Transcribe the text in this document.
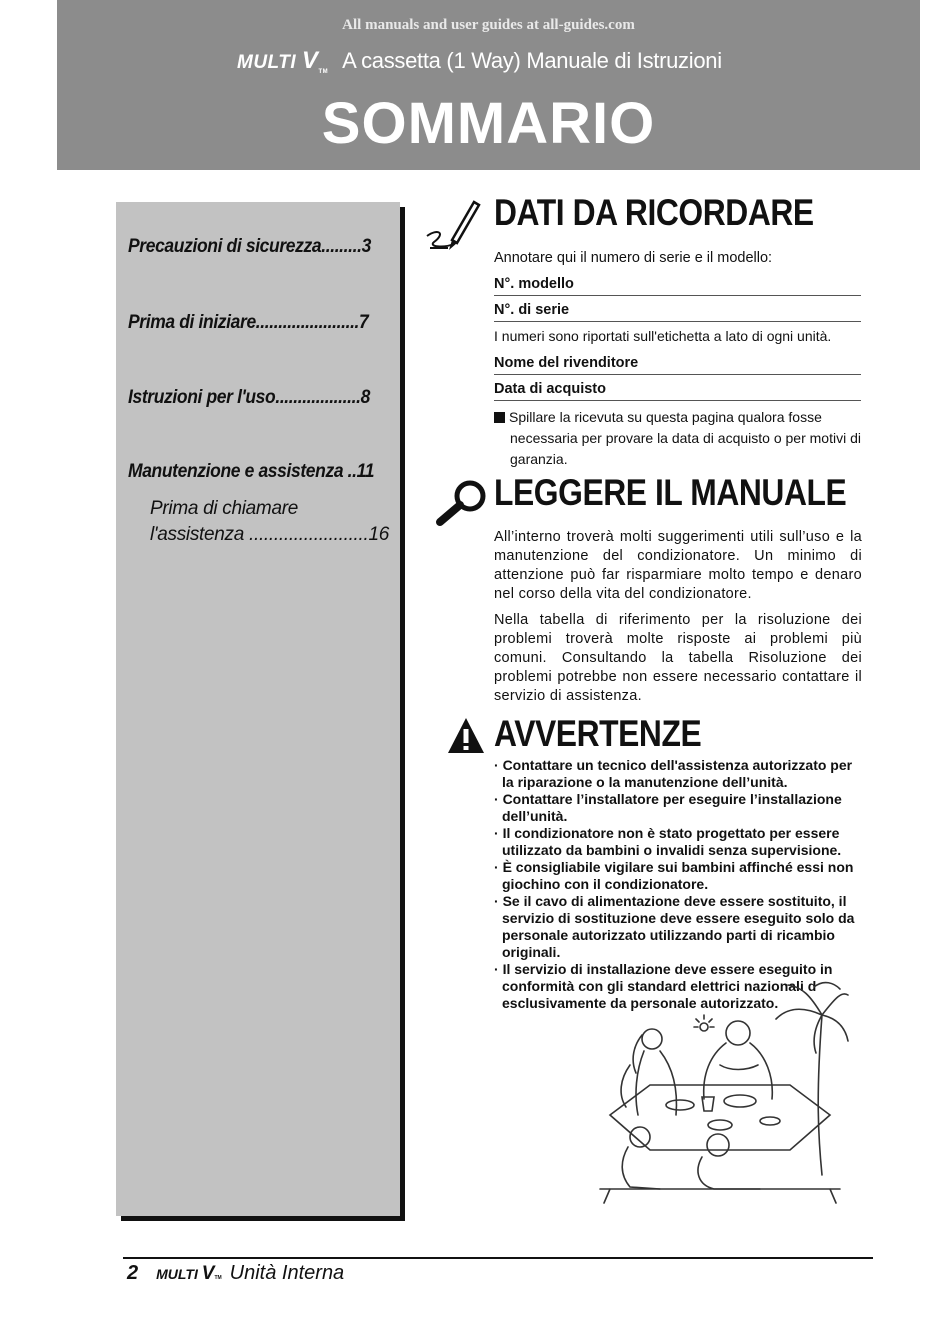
All manuals and user guides at all-guides.com
MULTI VTM A cassetta (1 Way) Manuale di Istruzioni
SOMMARIO
Precauzioni di sicurezza.........3
Prima di iniziare.......................7
Istruzioni per l'uso...................8
Manutenzione e assistenza ..11
Prima di chiamare
l'assistenza ........................16
DATI DA RICORDARE
Annotare qui il numero di serie e il modello:
N°. modello
N°. di serie
I numeri sono riportati sull'etichetta a lato di ogni unità.
Nome del rivenditore
Data di acquisto
Spillare la ricevuta su questa pagina qualora fosse
necessaria per provare la data di acquisto o per motivi di
garanzia.
LEGGERE IL MANUALE
All’interno troverà molti suggerimenti utili sull’uso e la manutenzione del condizionatore. Un minimo di attenzione può far risparmiare molto tempo e denaro nel corso della vita del condizionatore.
Nella tabella di riferimento per la risoluzione dei problemi troverà molte risposte ai problemi più comuni. Consultando la tabella Risoluzione dei problemi potrebbe non essere necessario contattare il servizio di assistenza.
AVVERTENZE
· Contattare un tecnico dell'assistenza autorizzato per la riparazione o la manutenzione dell’unità.
· Contattare l’installatore per eseguire l’installazione dell’unità.
· Il condizionatore non è stato progettato per essere utilizzato da bambini o invalidi senza supervisione.
· È consigliabile vigilare sui bambini affinché essi non giochino con il condizionatore.
· Se il cavo di alimentazione deve essere sostituito, il servizio di sostituzione deve essere eseguito solo da personale autorizzato utilizzando parti di ricambio originali.
· Il servizio di installazione deve essere eseguito in conformità con gli standard elettrici nazionali d esclusivamente da personale autorizzato.
2 MULTI VTM Unità Interna
